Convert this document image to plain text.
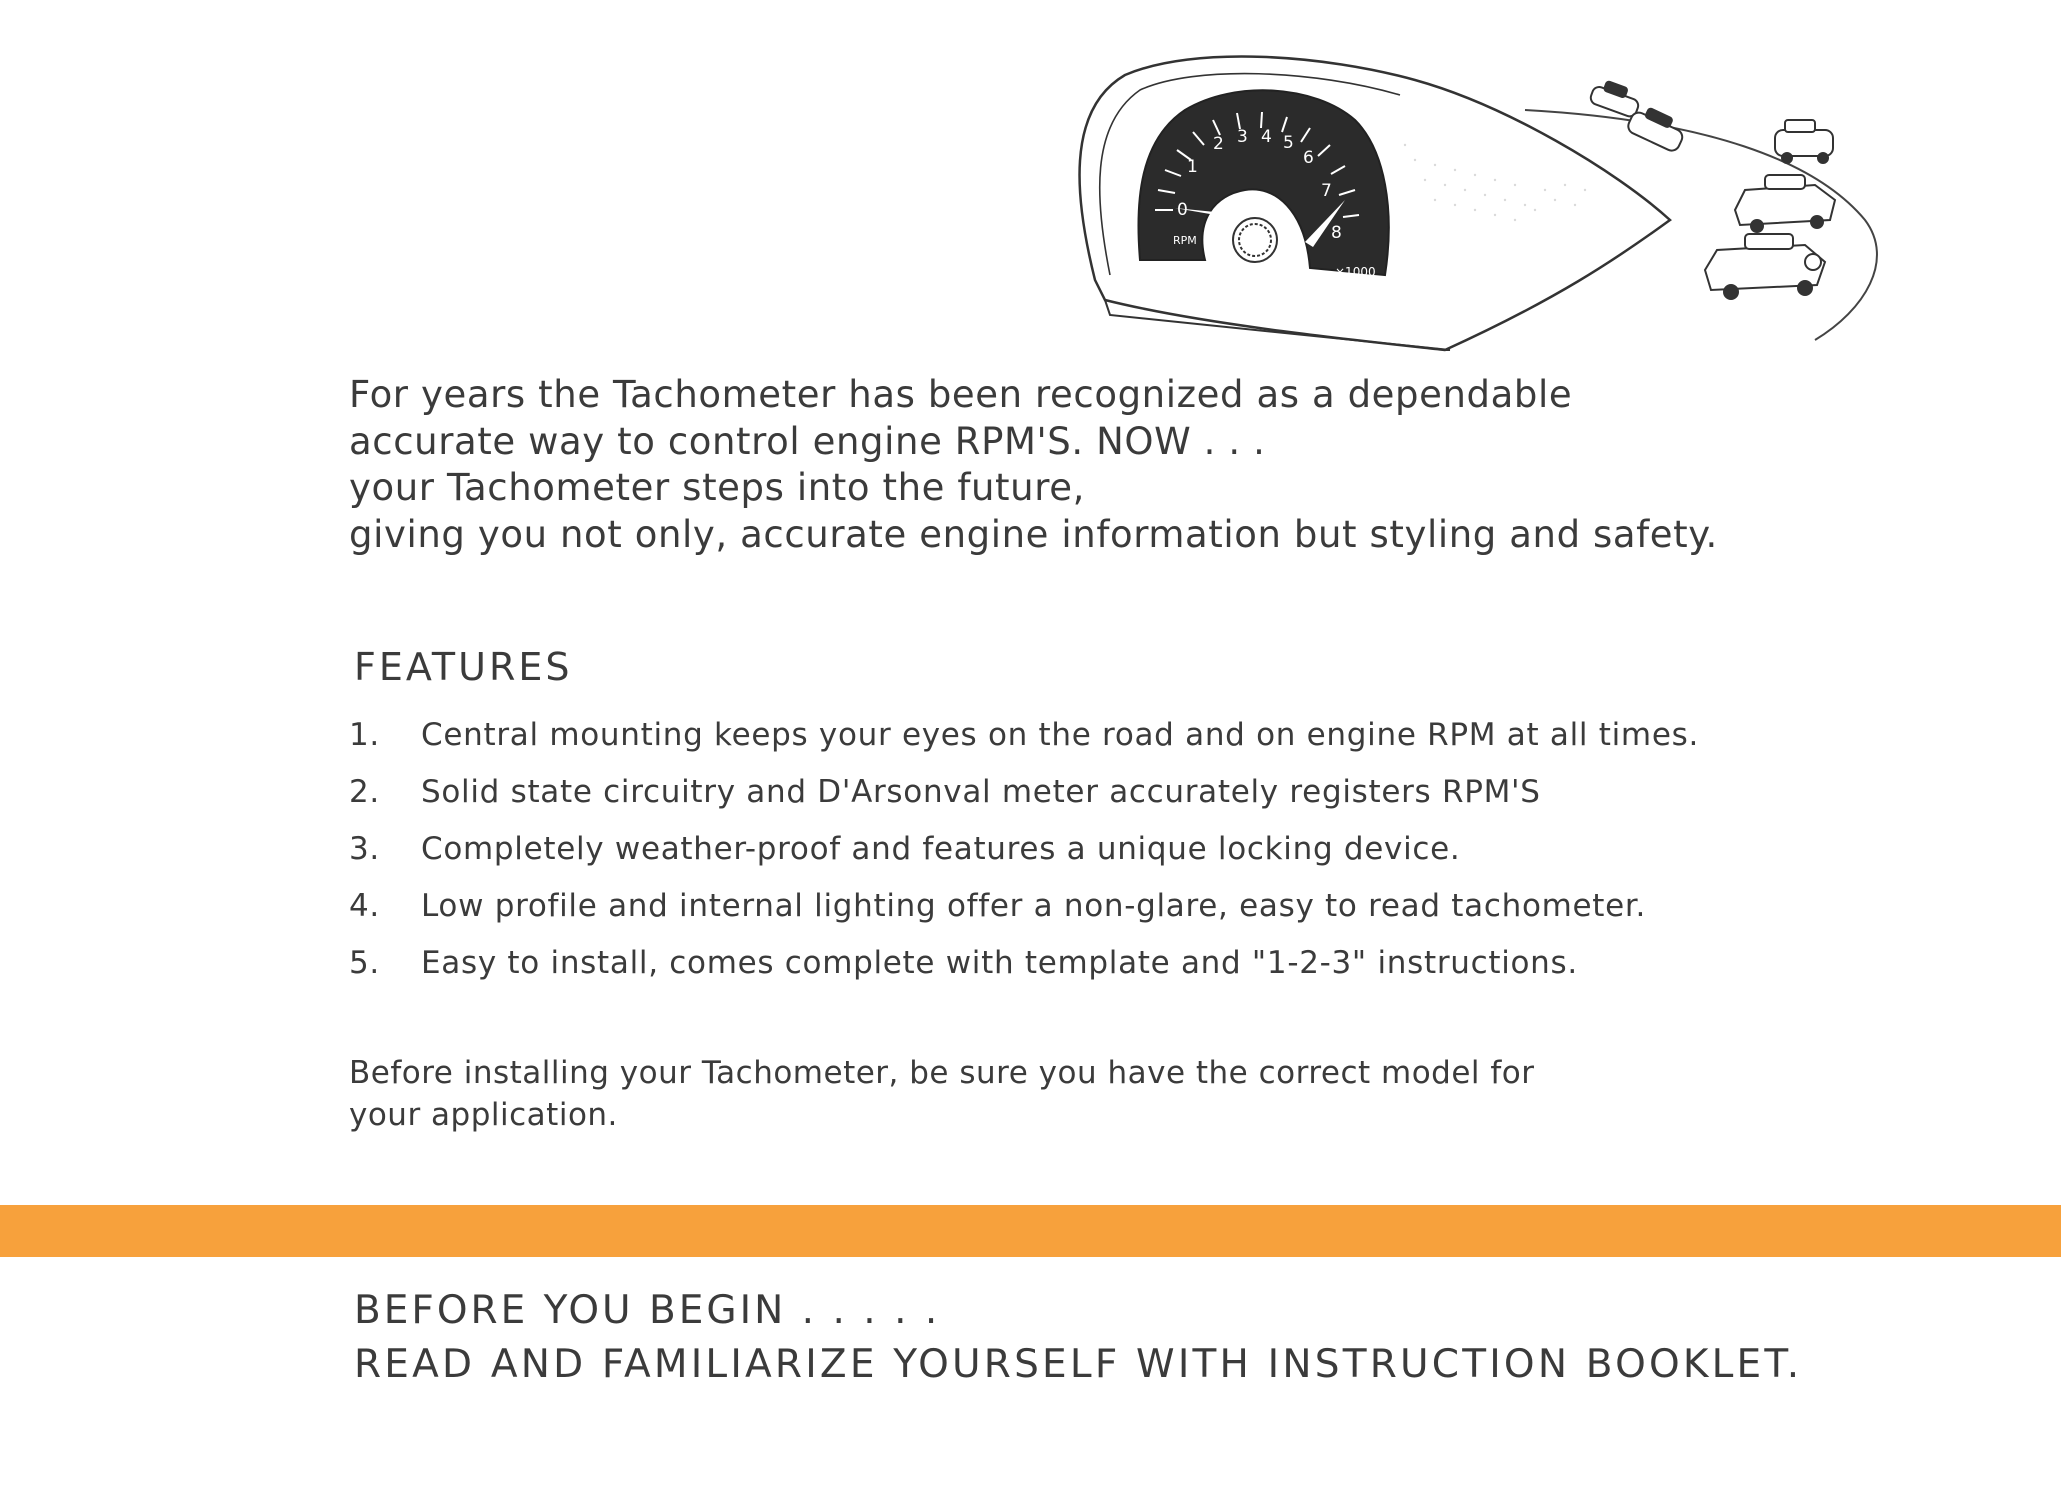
0
1
2 3 4 5
6
7
8
RPM
×1000

For years the Tachometer has been recognized as a dependable

accurate way to control engine RPM'S. NOW . . .

your Tachometer steps into the future,

giving you not only, accurate engine information but styling and safety.

FEATURES
1.	Central mounting keeps your eyes on the road and on engine RPM at all times.
2.	Solid state circuitry and D'Arsonval meter accurately registers RPM'S
3.	Completely weather-proof and features a unique locking device.
4.	Low profile and internal lighting offer a non-glare, easy to read tachometer.
5.	Easy to install, comes complete with template and "1-2-3" instructions.

Before installing your Tachometer, be sure you have the correct model for

your application.

BEFORE YOU BEGIN . . . . .

READ AND FAMILIARIZE YOURSELF WITH INSTRUCTION BOOKLET.
